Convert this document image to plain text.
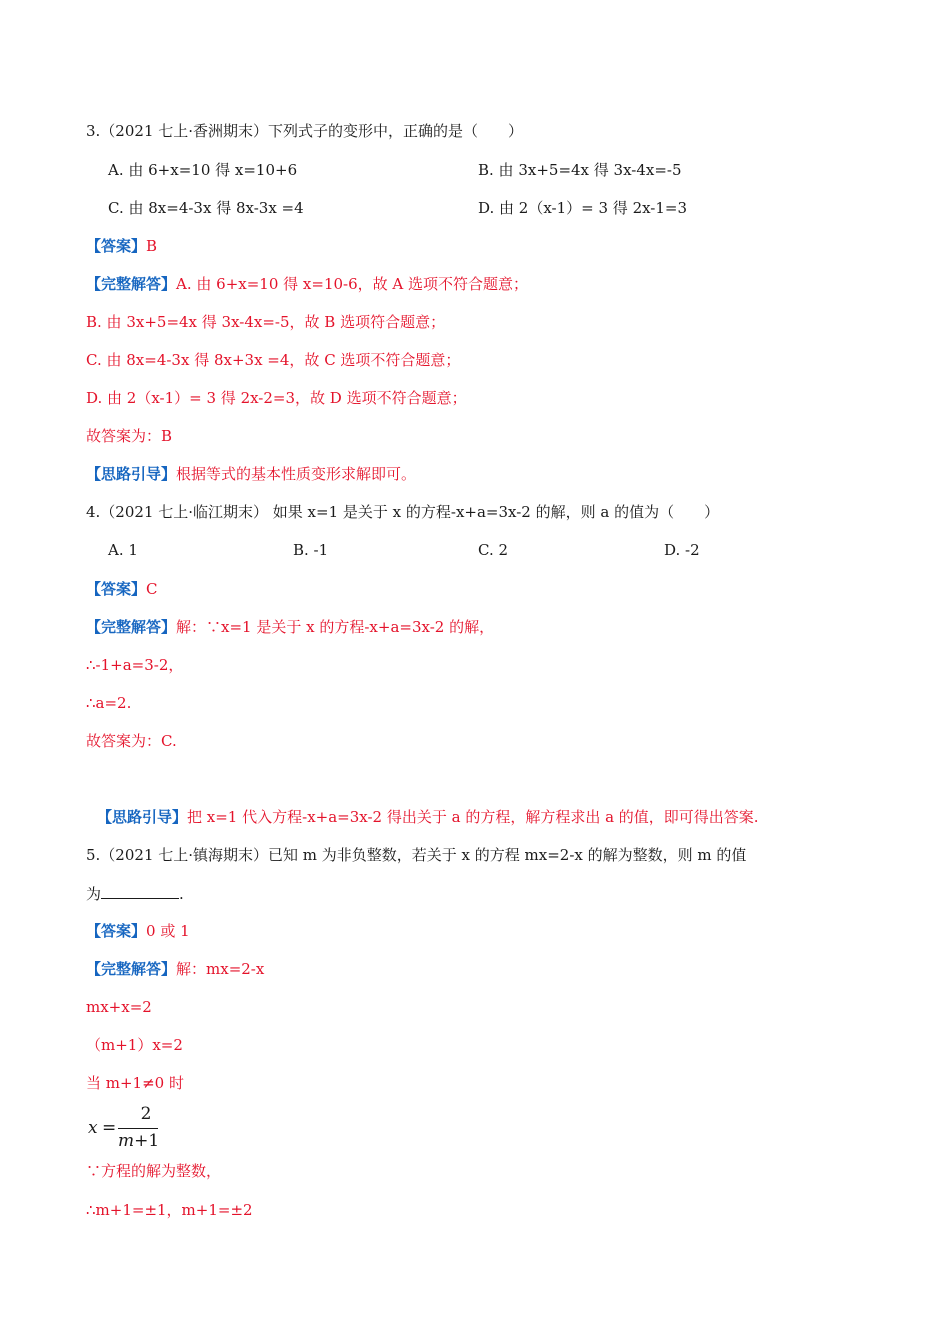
3.（2021 七上·香洲期末）下列式子的变形中，正确的是（　　）
A. 由 6+x=10 得 x=10+6	B. 由 3x+5=4x 得 3x-4x=-5
C. 由 8x=4-3x 得 8x-3x =4	D. 由 2（x-1）= 3 得 2x-1=3
【答案】B
【完整解答】A. 由 6+x=10 得 x=10-6，故 A 选项不符合题意；
B. 由 3x+5=4x 得 3x-4x=-5，故 B 选项符合题意；
C. 由 8x=4-3x 得 8x+3x =4，故 C 选项不符合题意；
D. 由 2（x-1）= 3 得 2x-2=3，故 D 选项不符合题意；
故答案为：B
【思路引导】根据等式的基本性质变形求解即可。
4.（2021 七上·临江期末） 如果 x=1 是关于 x 的方程-x+a=3x-2 的解，则 a 的值为（　　）
A. 1	B. -1	C. 2	D. -2
【答案】C
【完整解答】解：∵x=1 是关于 x 的方程-x+a=3x-2 的解，
∴-1+a=3-2，
∴a=2.
故答案为：C.
【思路引导】把 x=1 代入方程-x+a=3x-2 得出关于 a 的方程，解方程求出 a 的值，即可得出答案.
5.（2021 七上·镇海期末）已知 m 为非负整数，若关于 x 的方程 mx=2-x 的解为整数，则 m 的值
为	.
【答案】0 或 1
【完整解答】解：mx=2-x
mx+x=2
（m+1）x=2
当 m+1≠0 时
x =
2
m+1
∵方程的解为整数，
∴m+1=±1，m+1=±2
